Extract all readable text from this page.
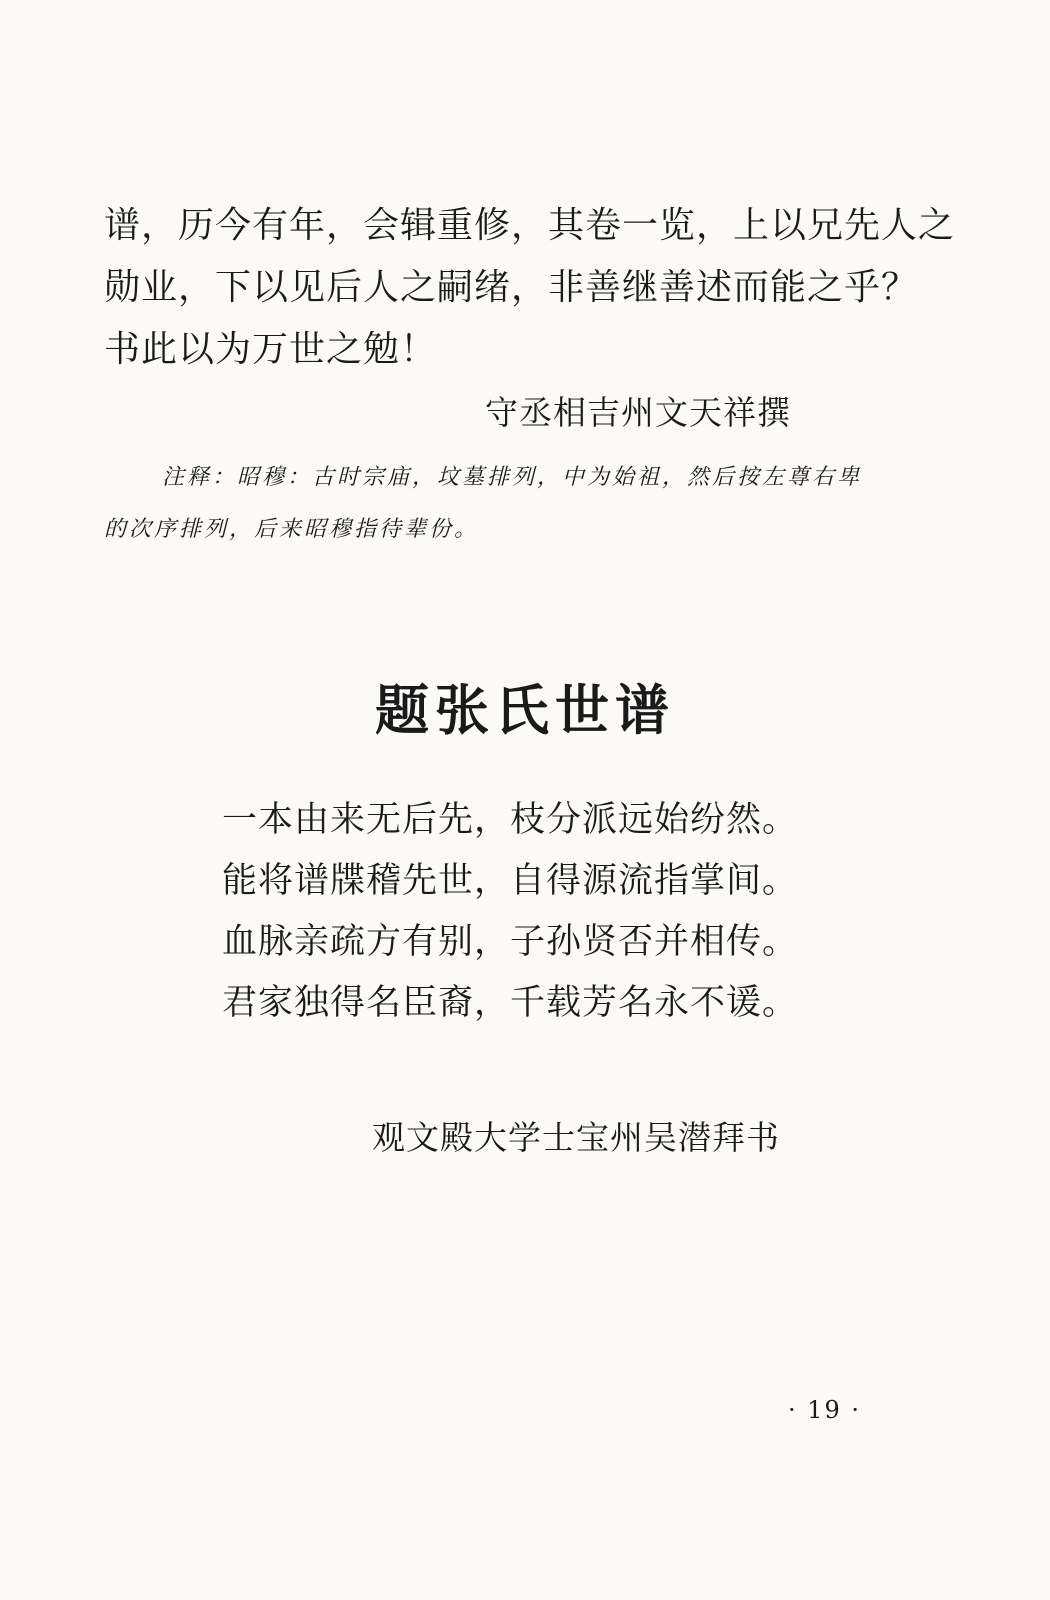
谱，历今有年，会辑重修，其卷一览，上以兄先人之

勋业，下以见后人之嗣绪，非善继善述而能之乎？

书此以为万世之勉！

守丞相吉州文天祥撰

注释：昭穆：古时宗庙，坟墓排列，中为始祖，然后按左尊右卑

的次序排列，后来昭穆指待辈份。

题张氏世谱

一本由来无后先，枝分派远始纷然。

能将谱牒稽先世，自得源流指掌间。

血脉亲疏方有别，子孙贤否并相传。

君家独得名臣裔，千载芳名永不谖。

观文殿大学士宝州吴潜拜书
· 19 ·
